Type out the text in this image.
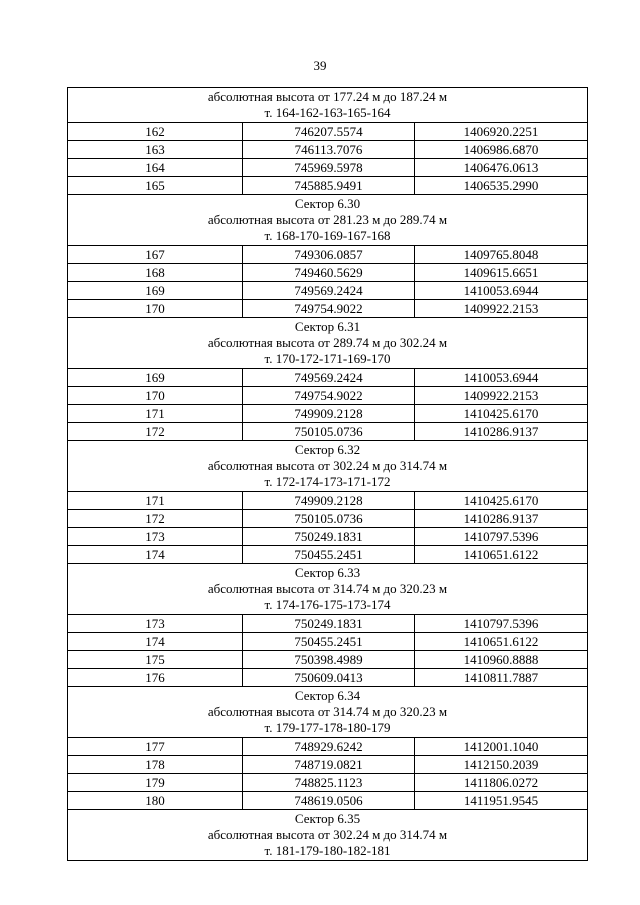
39
абсолютная высота от 177.24 м до 187.24 м
т. 164-162-163-165-164		

162	746207.5574	1406920.2251
163	746113.7076	1406986.6870
164	745969.5978	1406476.0613
165	745885.9491	1406535.2990

Сектор 6.30
абсолютная высота от 281.23 м до 289.74 м
т. 168-170-169-167-168		

167	749306.0857	1409765.8048
168	749460.5629	1409615.6651
169	749569.2424	1410053.6944
170	749754.9022	1409922.2153

Сектор 6.31
абсолютная высота от 289.74 м до 302.24 м
т. 170-172-171-169-170		

169	749569.2424	1410053.6944
170	749754.9022	1409922.2153
171	749909.2128	1410425.6170
172	750105.0736	1410286.9137

Сектор 6.32
абсолютная высота от 302.24 м до 314.74 м
т. 172-174-173-171-172		

171	749909.2128	1410425.6170
172	750105.0736	1410286.9137
173	750249.1831	1410797.5396
174	750455.2451	1410651.6122

Сектор 6.33
абсолютная высота от 314.74 м до 320.23 м
т. 174-176-175-173-174		

173	750249.1831	1410797.5396
174	750455.2451	1410651.6122
175	750398.4989	1410960.8888
176	750609.0413	1410811.7887

Сектор 6.34
абсолютная высота от 314.74 м до 320.23 м
т. 179-177-178-180-179		

177	748929.6242	1412001.1040
178	748719.0821	1412150.2039
179	748825.1123	1411806.0272
180	748619.0506	1411951.9545

Сектор 6.35
абсолютная высота от 302.24 м до 314.74 м
т. 181-179-180-182-181		
